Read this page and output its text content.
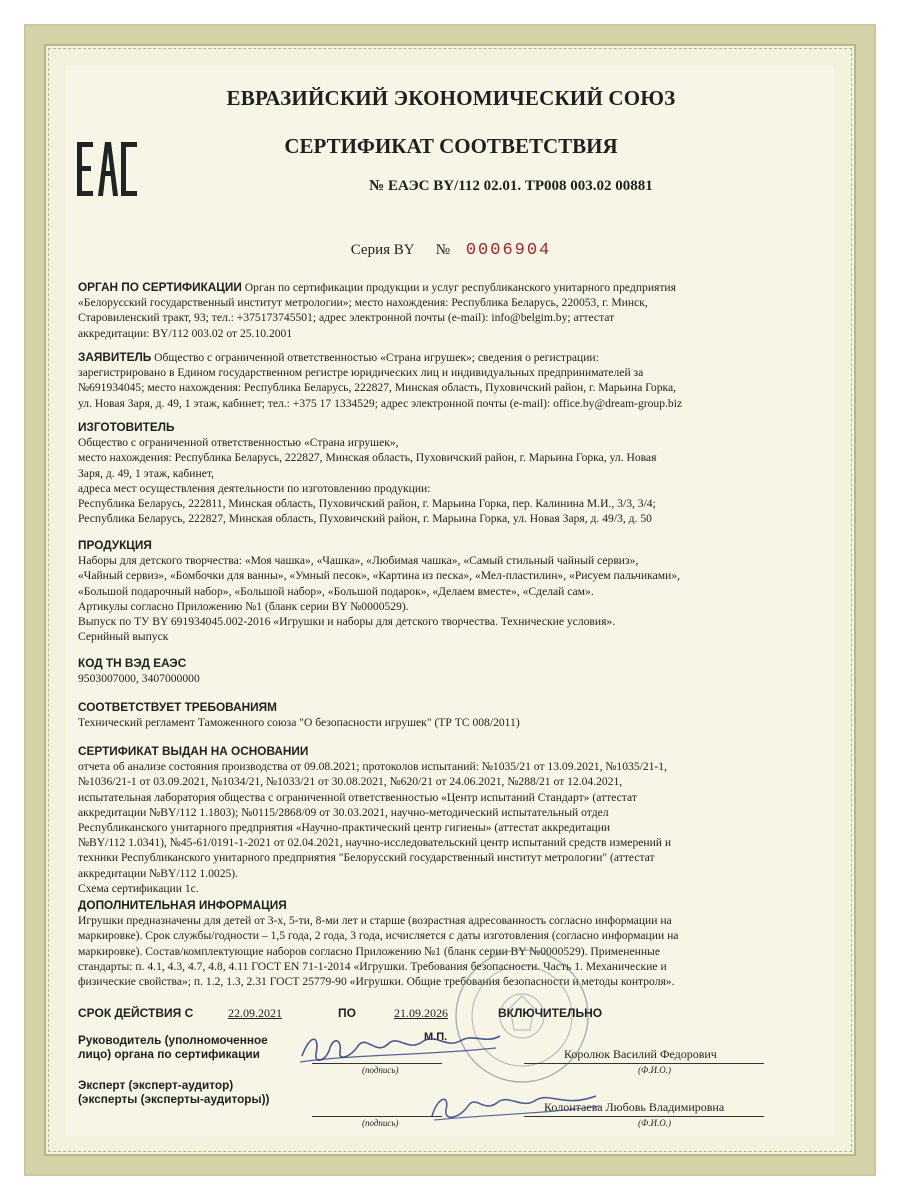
ЕВРАЗИЙСКИЙ ЭКОНОМИЧЕСКИЙ СОЮЗ
СЕРТИФИКАТ СООТВЕТСТВИЯ
№ ЕАЭС BY/112 02.01. ТР008 003.02 00881
Серия BY № 0006904
ОРГАН ПО СЕРТИФИКАЦИИ Орган по сертификации продукции и услуг республиканского унитарного предприятия
«Белорусский государственный институт метрологии»; место нахождения: Республика Беларусь, 220053, г. Минск,
Старовиленский тракт, 93; тел.: +375173745501; адрес электронной почты (e-mail): info@belgim.by; аттестат
аккредитации: BY/112 003.02 от 25.10.2001
ЗАЯВИТЕЛЬ Общество с ограниченной ответственностью «Страна игрушек»; сведения о регистрации:
зарегистрировано в Едином государственном регистре юридических лиц и индивидуальных предпринимателей за
№691934045; место нахождения: Республика Беларусь, 222827, Минская область, Пуховичский район, г. Марьина Горка,
ул. Новая Заря, д. 49, 1 этаж, кабинет; тел.: +375 17 1334529; адрес электронной почты (e-mail): office.by@dream-group.biz
ИЗГОТОВИТЕЛЬ
Общество с ограниченной ответственностью «Страна игрушек»,
место нахождения: Республика Беларусь, 222827, Минская область, Пуховичский район, г. Марьина Горка, ул. Новая
Заря, д. 49, 1 этаж, кабинет,
адреса мест осуществления деятельности по изготовлению продукции:
Республика Беларусь, 222811, Минская область, Пуховичский район, г. Марьина Горка, пер. Калинина М.И., 3/3, 3/4;
Республика Беларусь, 222827, Минская область, Пуховичский район, г. Марьина Горка, ул. Новая Заря, д. 49/3, д. 50
ПРОДУКЦИЯ
Наборы для детского творчества: «Моя чашка», «Чашка», «Любимая чашка», «Самый стильный чайный сервиз»,
«Чайный сервиз», «Бомбочки для ванны», «Умный песок», «Картина из песка», «Мел-пластилин», «Рисуем пальчиками»,
«Большой подарочный набор», «Большой набор», «Большой подарок», «Делаем вместе», «Сделай сам».
Артикулы согласно Приложению №1 (бланк серии BY №0000529).
Выпуск по ТУ BY 691934045.002-2016 «Игрушки и наборы для детского творчества. Технические условия».
Серийный выпуск
КОД ТН ВЭД ЕАЭС
9503007000, 3407000000
СООТВЕТСТВУЕТ ТРЕБОВАНИЯМ
Технический регламент Таможенного союза "О безопасности игрушек" (ТР ТС 008/2011)
СЕРТИФИКАТ ВЫДАН НА ОСНОВАНИИ
отчета об анализе состояния производства от 09.08.2021; протоколов испытаний: №1035/21 от 13.09.2021, №1035/21-1,
№1036/21-1 от 03.09.2021, №1034/21, №1033/21 от 30.08.2021, №620/21 от 24.06.2021, №288/21 от 12.04.2021,
испытательная лаборатория общества с ограниченной ответственностью «Центр испытаний Стандарт» (аттестат
аккредитации №BY/112 1.1803); №0115/2868/09 от 30.03.2021, научно-методический испытательный отдел
Республиканского унитарного предприятия «Научно-практический центр гигиены» (аттестат аккредитации
№BY/112 1.0341), №45-61/0191-1-2021 от 02.04.2021, научно-исследовательский центр испытаний средств измерений и
техники Республиканского унитарного предприятия "Белорусский государственный институт метрологии" (аттестат
аккредитации №BY/112 1.0025).
Схема сертификации 1с.
ДОПОЛНИТЕЛЬНАЯ ИНФОРМАЦИЯ
Игрушки предназначены для детей от 3-х, 5-ти, 8-ми лет и старше (возрастная адресованность согласно информации на
маркировке). Срок службы/годности – 1,5 года, 2 года, 3 года, исчисляется с даты изготовления (согласно информации на
маркировке). Состав/комплектующие наборов согласно Приложению №1 (бланк серии BY №0000529). Примененные
стандарты: п. 4.1, 4.3, 4.7, 4.8, 4.11 ГОСТ EN 71-1-2014 «Игрушки. Требования безопасности. Часть 1. Механические и
физические свойства»; п. 1.2, 1.3, 2.31 ГОСТ 25779-90 «Игрушки. Общие требования безопасности и методы контроля».
СРОК ДЕЙСТВИЯ С	22.09.2021	ПО	21.09.2026	ВКЛЮЧИТЕЛЬНО
Руководитель (уполномоченное
лицо) органа по сертификации
М.П.
(подпись)
Королюк Василий Федорович
(Ф.И.О.)
Эксперт (эксперт-аудитор)
(эксперты (эксперты-аудиторы))
(подпись)
Колонтаева Любовь Владимировна
(Ф.И.О.)
